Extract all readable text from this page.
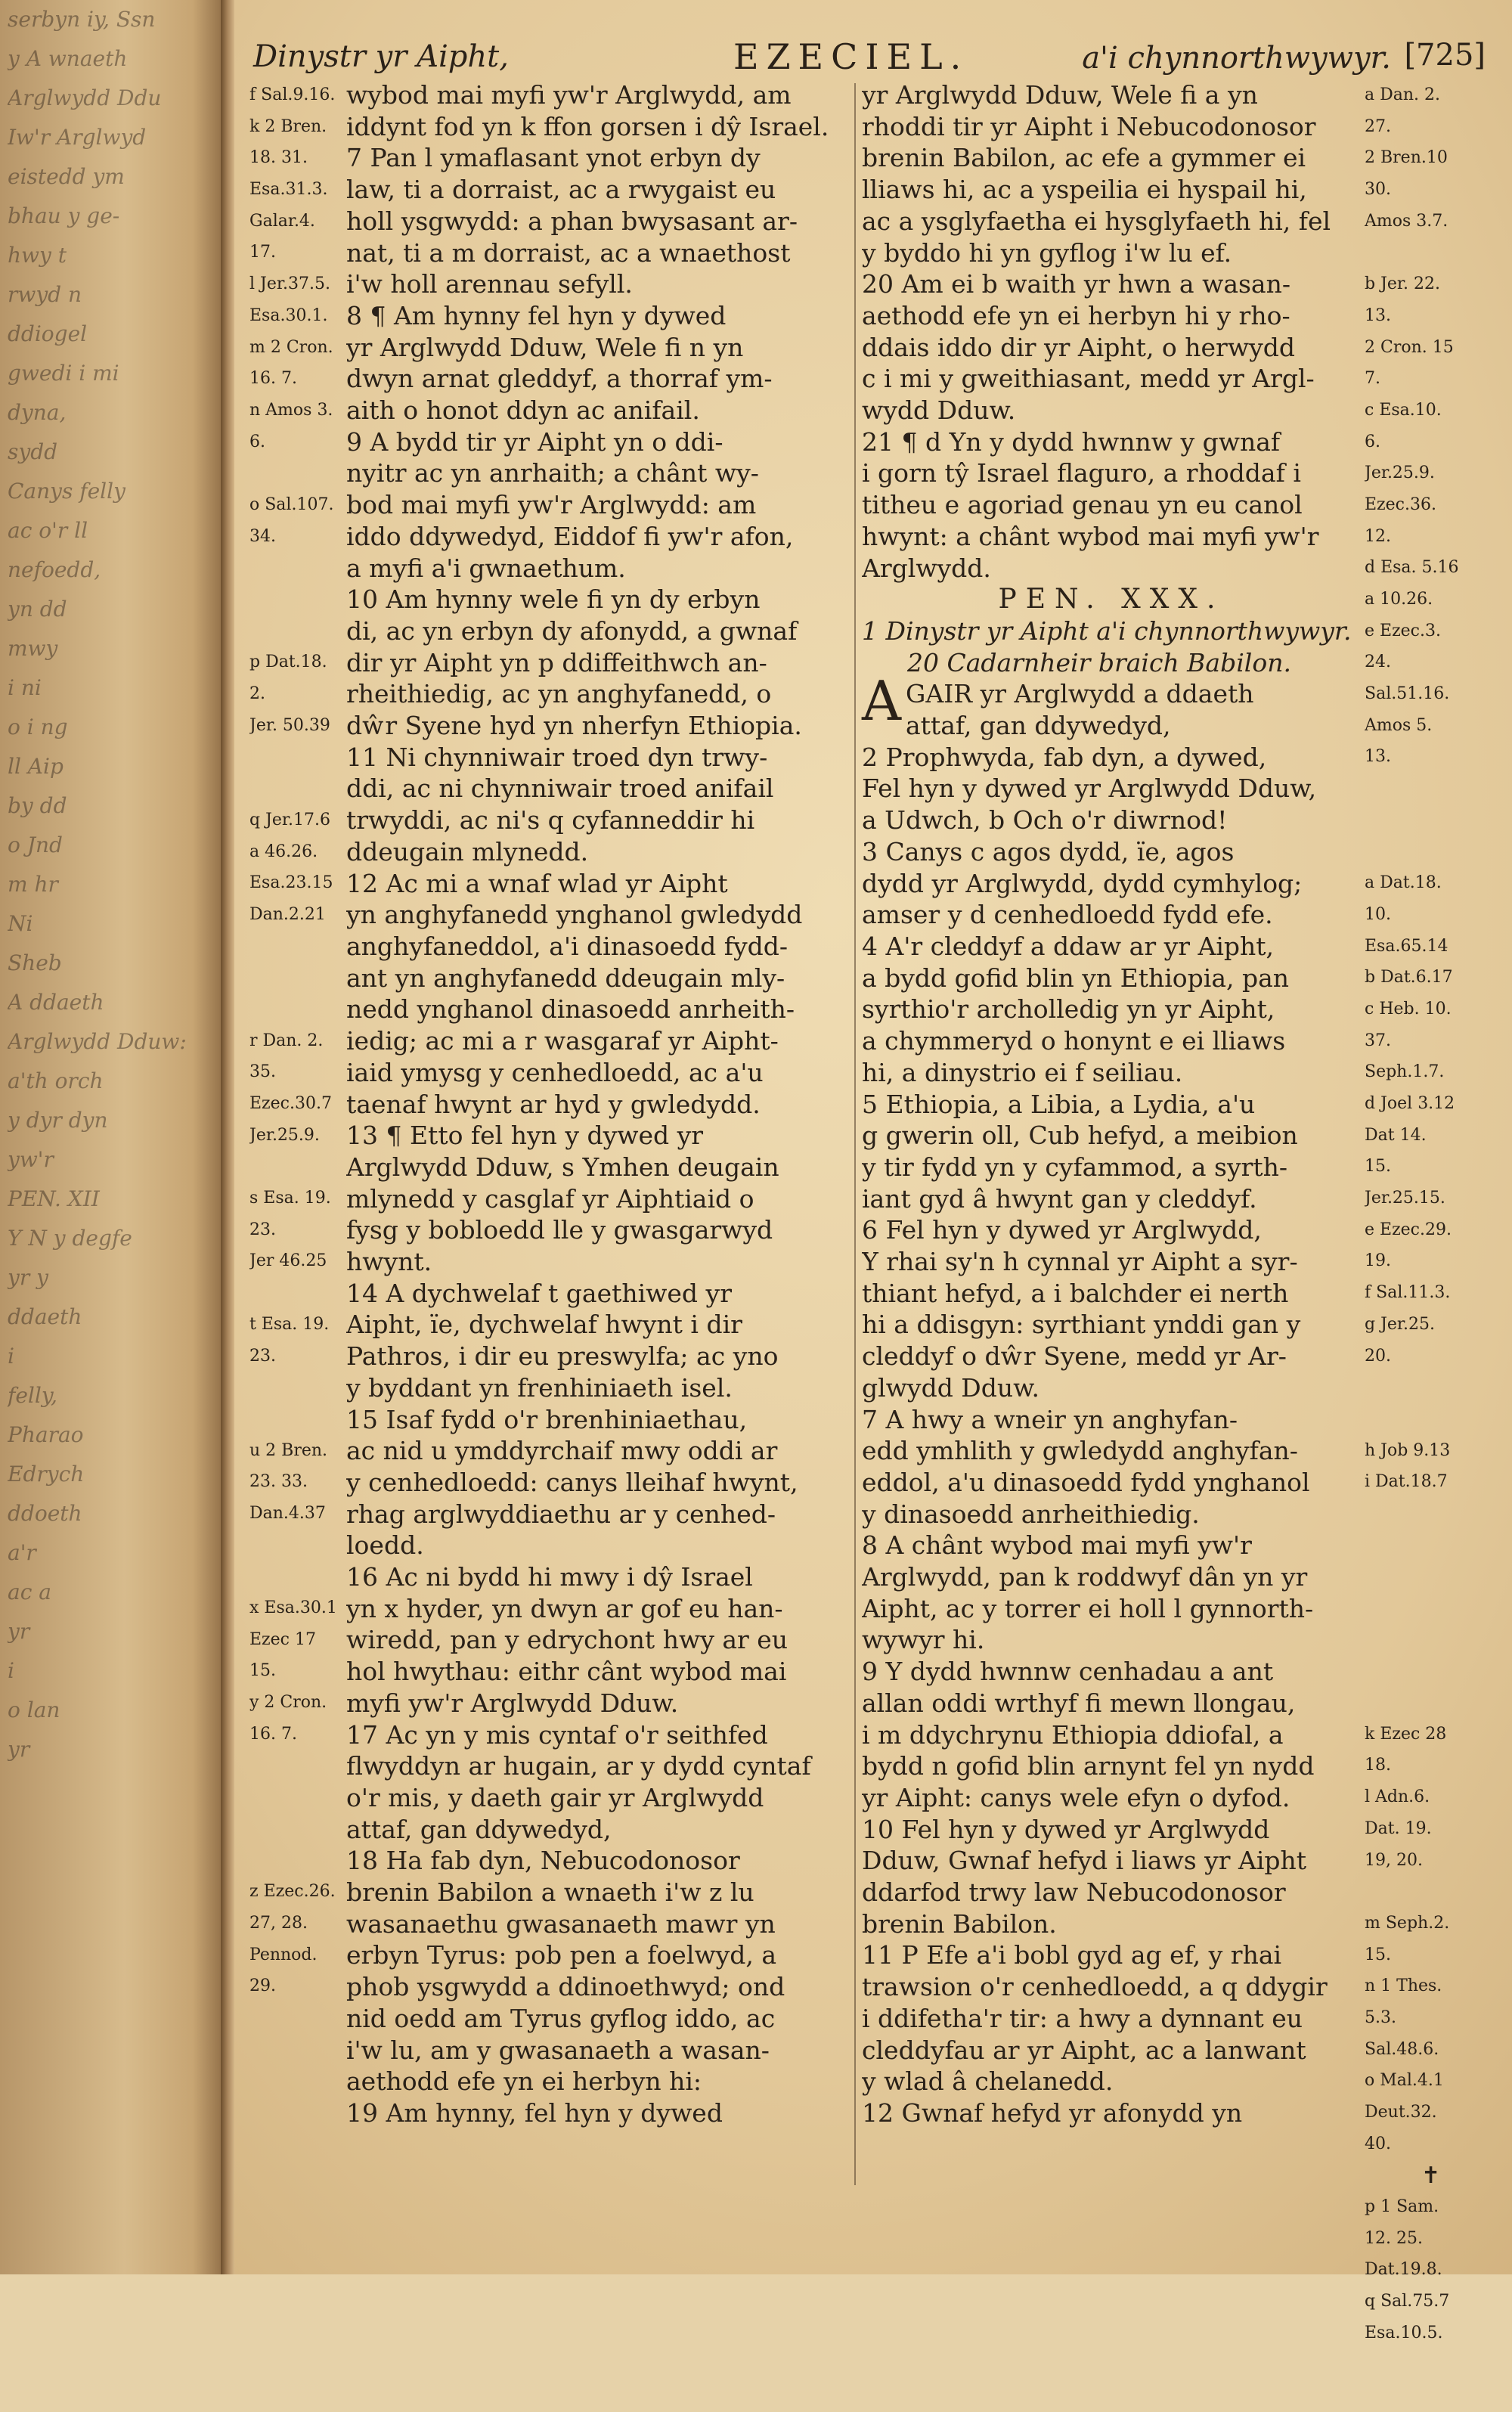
serbyn iy, Ssn
y A wnaeth
Arglwydd Ddu
Iw'r Arglwyd
eistedd ym
bhau y ge-
hwy t
rwyd n
ddiogel
gwedi i mi
dyna,
sydd
Canys felly
ac o'r ll
nefoedd,
yn dd
mwy
i ni
o i ng
ll Aip
by dd
o Jnd
m hr
Ni
Sheb
A ddaeth
Arglwydd Dduw:
a'th orch
y dyr dyn
yw'r
PEN. XII
Y N y degfe
yr y
ddaeth
i
felly,
Pharao
Edrych
ddoeth
a'r
ac a
yr
i
o lan
yr
Dinystr yr Aipht,	EZECIEL.	a'i chynnorthwywyr. [725]
f Sal.9.16.
k 2 Bren.
18. 31.
Esa.31.3.
Galar.4.
17.
l Jer.37.5.
Esa.30.1.
m 2 Cron.
16. 7.
n Amos 3.
6.
o Sal.107.
34.
p Dat.18.
2.
Jer. 50.39
q Jer.17.6
a 46.26.
Esa.23.15
Dan.2.21
r Dan. 2.
35.
Ezec.30.7
Jer.25.9.
s Esa. 19.
23.
Jer 46.25
t Esa. 19.
23.
u 2 Bren.
23. 33.
Dan.4.37
x Esa.30.1
Ezec 17
15.
y 2 Cron.
16. 7.
z Ezec.26.
27, 28.
Pennod.
29.
wybod mai myfi yw'r Arglwydd, am
iddynt fod yn k ffon gorsen i dŷ Israel.
7 Pan l ymaflasant ynot erbyn dy
law, ti a dorraist, ac a rwygaist eu
holl ysgwydd: a phan bwysasant ar-
nat, ti a m dorraist, ac a wnaethost
i'w holl arennau sefyll.
8 ¶ Am hynny fel hyn y dywed
yr Arglwydd Dduw, Wele fi n yn
dwyn arnat gleddyf, a thorraf ym-
aith o honot ddyn ac anifail.
9 A bydd tir yr Aipht yn o ddi-
nyitr ac yn anrhaith; a chânt wy-
bod mai myfi yw'r Arglwydd: am
iddo ddywedyd, Eiddof fi yw'r afon,
a myfi a'i gwnaethum.
10 Am hynny wele fi yn dy erbyn
di, ac yn erbyn dy afonydd, a gwnaf
dir yr Aipht yn p ddiffeithwch an-
rheithiedig, ac yn anghyfanedd, o
dŵr Syene hyd yn nherfyn Ethiopia.
11 Ni chynniwair troed dyn trwy-
ddi, ac ni chynniwair troed anifail
trwyddi, ac ni's q cyfanneddir hi
ddeugain mlynedd.
12 Ac mi a wnaf wlad yr Aipht
yn anghyfanedd ynghanol gwledydd
anghyfaneddol, a'i dinasoedd fydd-
ant yn anghyfanedd ddeugain mly-
nedd ynghanol dinasoedd anrheith-
iedig; ac mi a r wasgaraf yr Aipht-
iaid ymysg y cenhedloedd, ac a'u
taenaf hwynt ar hyd y gwledydd.
13 ¶ Etto fel hyn y dywed yr
Arglwydd Dduw, s Ymhen deugain
mlynedd y casglaf yr Aiphtiaid o
fysg y bobloedd lle y gwasgarwyd
hwynt.
14 A dychwelaf t gaethiwed yr
Aipht, ïe, dychwelaf hwynt i dir
Pathros, i dir eu preswylfa; ac yno
y byddant yn frenhiniaeth isel.
15 Isaf fydd o'r brenhiniaethau,
ac nid u ymddyrchaif mwy oddi ar
y cenhedloedd: canys lleihaf hwynt,
rhag arglwyddiaethu ar y cenhed-
loedd.
16 Ac ni bydd hi mwy i dŷ Israel
yn x hyder, yn dwyn ar gof eu han-
wiredd, pan y edrychont hwy ar eu
hol hwythau: eithr cânt wybod mai
myfi yw'r Arglwydd Dduw.
17 Ac yn y mis cyntaf o'r seithfed
flwyddyn ar hugain, ar y dydd cyntaf
o'r mis, y daeth gair yr Arglwydd
attaf, gan ddywedyd,
18 Ha fab dyn, Nebucodonosor
brenin Babilon a wnaeth i'w z lu
wasanaethu gwasanaeth mawr yn
erbyn Tyrus: pob pen a foelwyd, a
phob ysgwydd a ddinoethwyd; ond
nid oedd am Tyrus gyflog iddo, ac
i'w lu, am y gwasanaeth a wasan-
aethodd efe yn ei herbyn hi:
19 Am hynny, fel hyn y dywed
yr Arglwydd Dduw, Wele fi a yn
rhoddi tir yr Aipht i Nebucodonosor
brenin Babilon, ac efe a gymmer ei
lliaws hi, ac a yspeilia ei hyspail hi,
ac a ysglyfaetha ei hysglyfaeth hi, fel
y byddo hi yn gyflog i'w lu ef.
20 Am ei b waith yr hwn a wasan-
aethodd efe yn ei herbyn hi y rho-
ddais iddo dir yr Aipht, o herwydd
c i mi y gweithiasant, medd yr Argl-
wydd Dduw.
21 ¶ d Yn y dydd hwnnw y gwnaf
i gorn tŷ Israel flaguro, a rhoddaf i
titheu e agoriad genau yn eu canol
hwynt: a chânt wybod mai myfi yw'r
Arglwydd.
PEN. XXX.
1 Dinystr yr Aipht a'i chynnorthwywyr.
20 Cadarnheir braich Babilon.
A GAIR yr Arglwydd a ddaeth
attaf, gan ddywedyd,
2 Prophwyda, fab dyn, a dywed,
Fel hyn y dywed yr Arglwydd Dduw,
a Udwch, b Och o'r diwrnod!
3 Canys c agos dydd, ïe, agos
dydd yr Arglwydd, dydd cymhylog;
amser y d cenhedloedd fydd efe.
4 A'r cleddyf a ddaw ar yr Aipht,
a bydd gofid blin yn Ethiopia, pan
syrthio'r archolledig yn yr Aipht,
a chymmeryd o honynt e ei lliaws
hi, a dinystrio ei f seiliau.
5 Ethiopia, a Libia, a Lydia, a'u
g gwerin oll, Cub hefyd, a meibion
y tir fydd yn y cyfammod, a syrth-
iant gyd â hwynt gan y cleddyf.
6 Fel hyn y dywed yr Arglwydd,
Y rhai sy'n h cynnal yr Aipht a syr-
thiant hefyd, a i balchder ei nerth
hi a ddisgyn: syrthiant ynddi gan y
cleddyf o dŵr Syene, medd yr Ar-
glwydd Dduw.
7 A hwy a wneir yn anghyfan-
edd ymhlith y gwledydd anghyfan-
eddol, a'u dinasoedd fydd ynghanol
y dinasoedd anrheithiedig.
8 A chânt wybod mai myfi yw'r
Arglwydd, pan k roddwyf dân yn yr
Aipht, ac y torrer ei holl l gynnorth-
wywyr hi.
9 Y dydd hwnnw cenhadau a ant
allan oddi wrthyf fi mewn llongau,
i m ddychrynu Ethiopia ddiofal, a
bydd n gofid blin arnynt fel yn nydd
yr Aipht: canys wele efyn o dyfod.
10 Fel hyn y dywed yr Arglwydd
Dduw, Gwnaf hefyd i liaws yr Aipht
ddarfod trwy law Nebucodonosor
brenin Babilon.
11 P Efe a'i bobl gyd ag ef, y rhai
trawsion o'r cenhedloedd, a q ddygir
i ddifetha'r tir: a hwy a dynnant eu
cleddyfau ar yr Aipht, ac a lanwant
y wlad â chelanedd.
12 Gwnaf hefyd yr afonydd yn
a Dan. 2.
27.
2 Bren.10
30.
Amos 3.7.
b Jer. 22.
13.
2 Cron. 15
7.
c Esa.10.
6.
Jer.25.9.
Ezec.36.
12.
d Esa. 5.16
a 10.26.
e Ezec.3.
24.
Sal.51.16.
Amos 5.
13.
a Dat.18.
10.
Esa.65.14
b Dat.6.17
c Heb. 10.
37.
Seph.1.7.
d Joel 3.12
Dat 14.
15.
Jer.25.15.
e Ezec.29.
19.
f Sal.11.3.
g Jer.25.
20.
h Job 9.13
i Dat.18.7
k Ezec 28
18.
l Adn.6.
Dat. 19.
19, 20.
m Seph.2.
15.
n 1 Thes.
5.3.
Sal.48.6.
o Mal.4.1
Deut.32.
40.
p 1 Sam.
12. 25.
Dat.19.8.
q Sal.75.7
Esa.10.5.
✝
